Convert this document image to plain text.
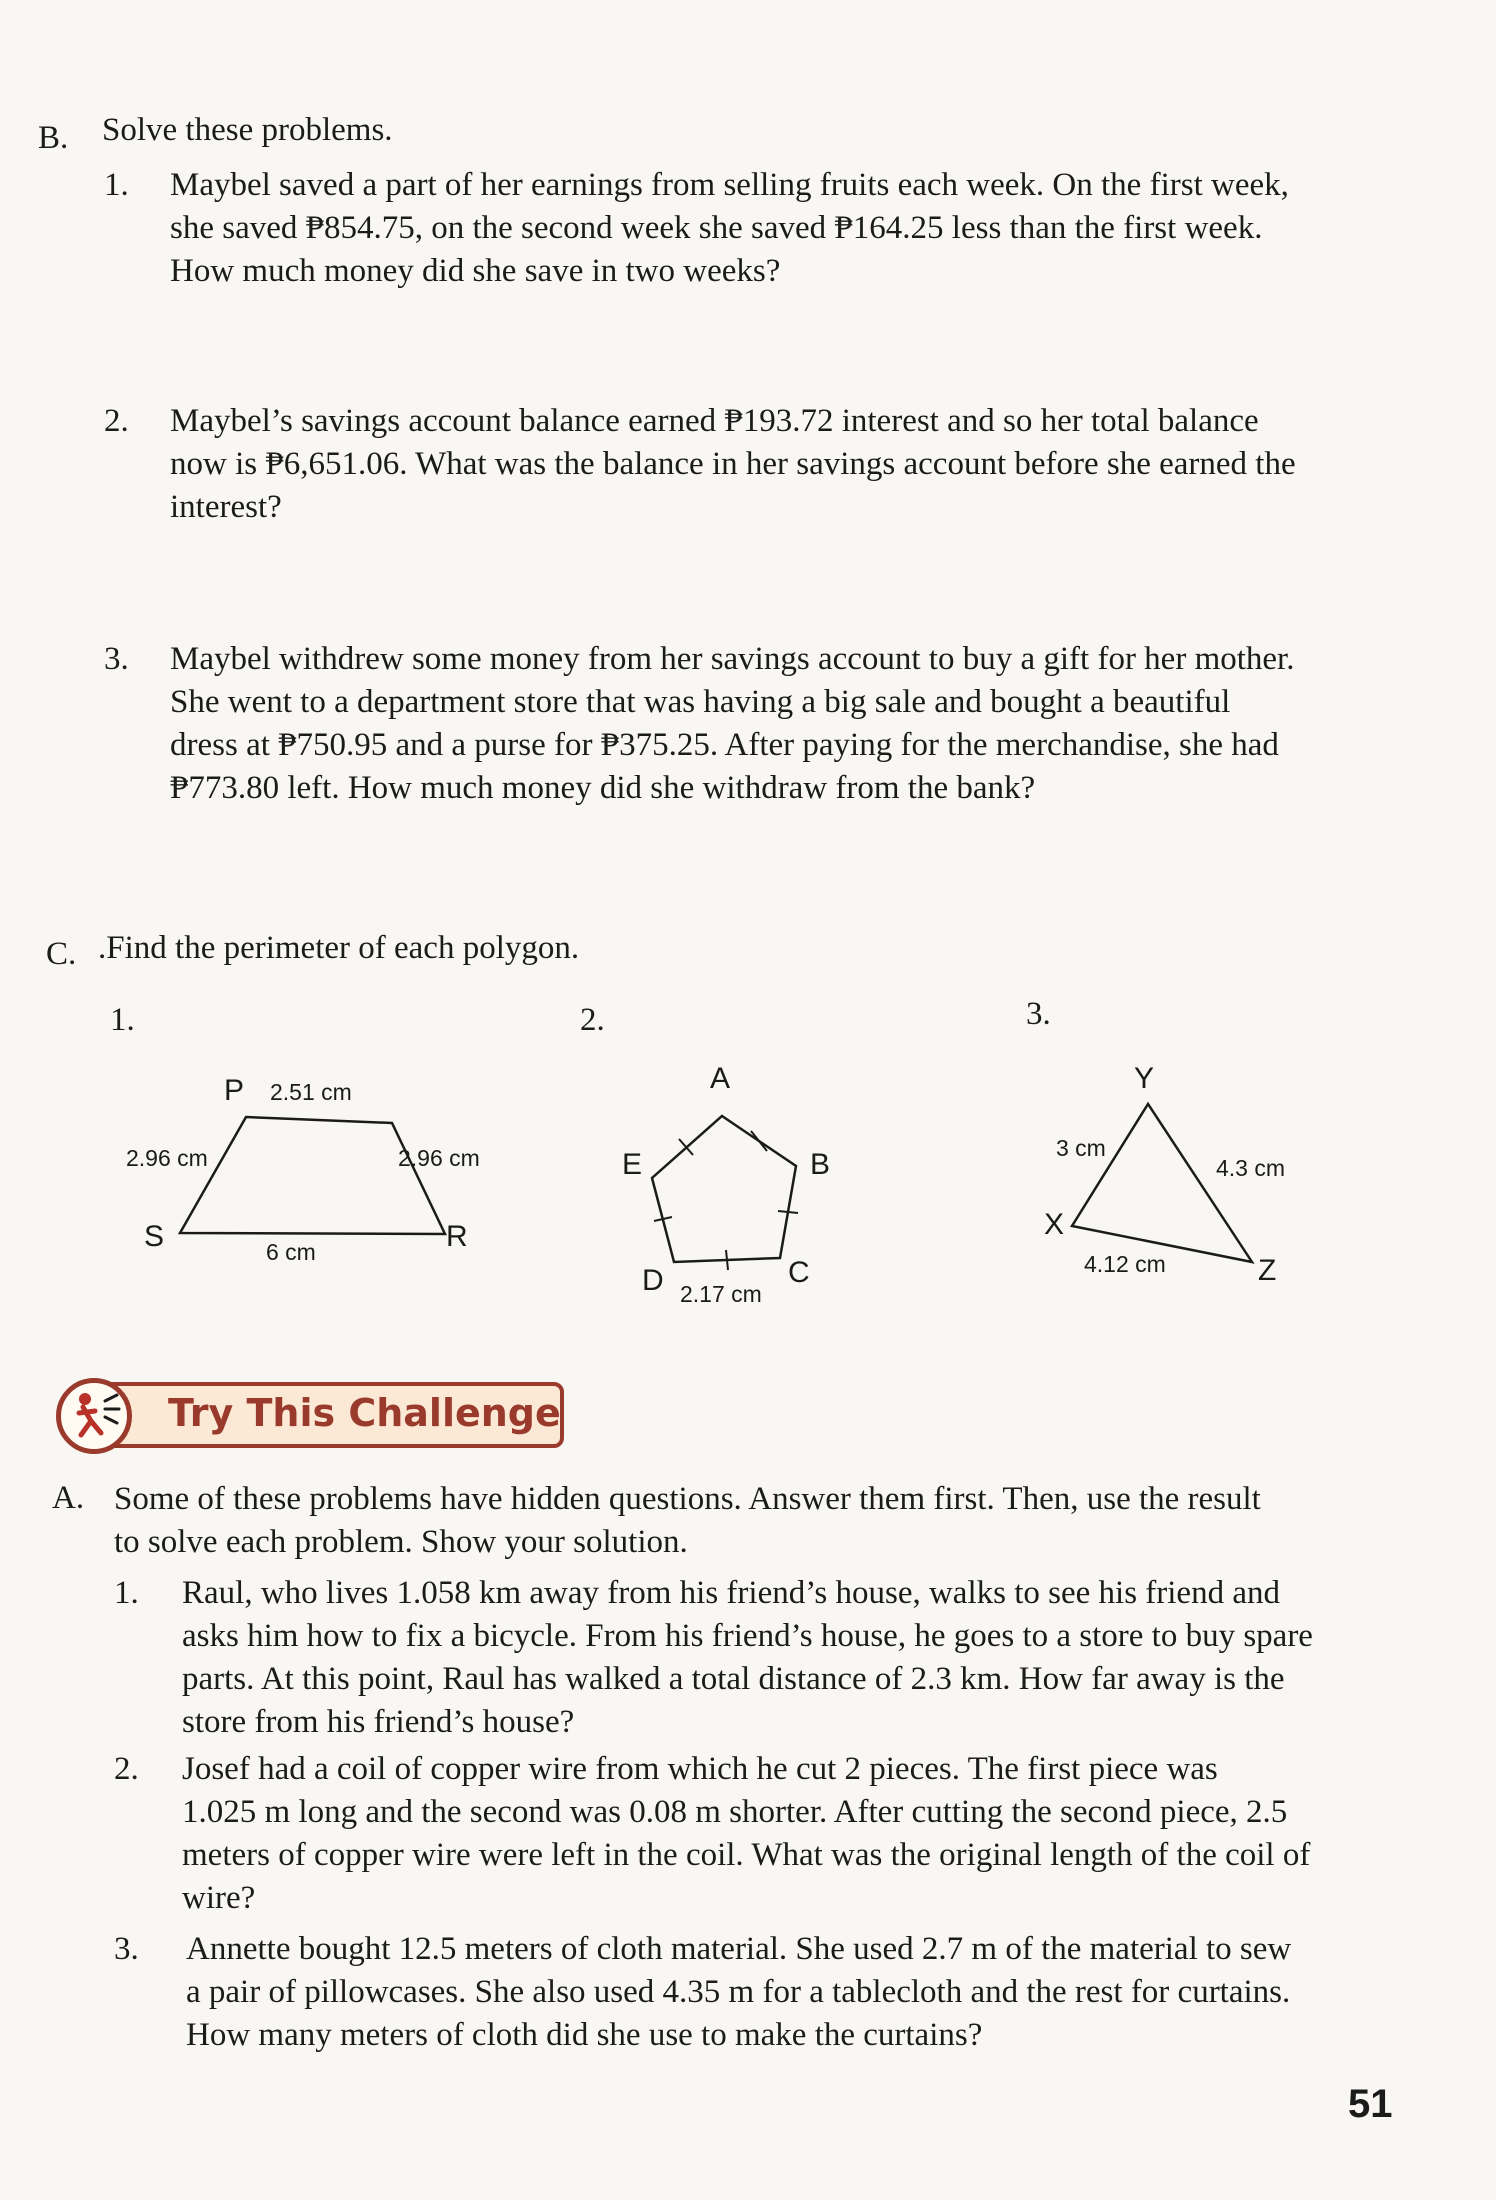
B. Solve these problems.
1. Maybel saved a part of her earnings from selling fruits each week. On the first week,
she saved ₱854.75, on the second week she saved ₱164.25 less than the first week.
How much money did she save in two weeks?
2. Maybel’s savings account balance earned ₱193.72 interest and so her total balance
now is ₱6,651.06. What was the balance in her savings account before she earned the
interest?
3. Maybel withdrew some money from her savings account to buy a gift for her mother.
She went to a department store that was having a big sale and bought a beautiful
dress at ₱750.95 and a purse for ₱375.25. After paying for the merchandise, she had
₱773.80 left. How much money did she withdraw from the bank?
C. .Find the perimeter of each polygon.
1.	2.	3.
P 2.51 cm
2.96 cm	2.96 cm
S	R
6 cm
A
B
C
D
E
2.17 cm
Y
3 cm
4.3 cm
X
4.12 cm	Z
Try This Challenge
A. Some of these problems have hidden questions. Answer them first. Then, use the result
to solve each problem. Show your solution.
1. Raul, who lives 1.058 km away from his friend’s house, walks to see his friend and
asks him how to fix a bicycle. From his friend’s house, he goes to a store to buy spare
parts. At this point, Raul has walked a total distance of 2.3 km. How far away is the
store from his friend’s house?
2. Josef had a coil of copper wire from which he cut 2 pieces. The first piece was
1.025 m long and the second was 0.08 m shorter. After cutting the second piece, 2.5
meters of copper wire were left in the coil. What was the original length of the coil of
wire?
3. Annette bought 12.5 meters of cloth material. She used 2.7 m of the material to sew
a pair of pillowcases. She also used 4.35 m for a tablecloth and the rest for curtains.
How many meters of cloth did she use to make the curtains?
51
